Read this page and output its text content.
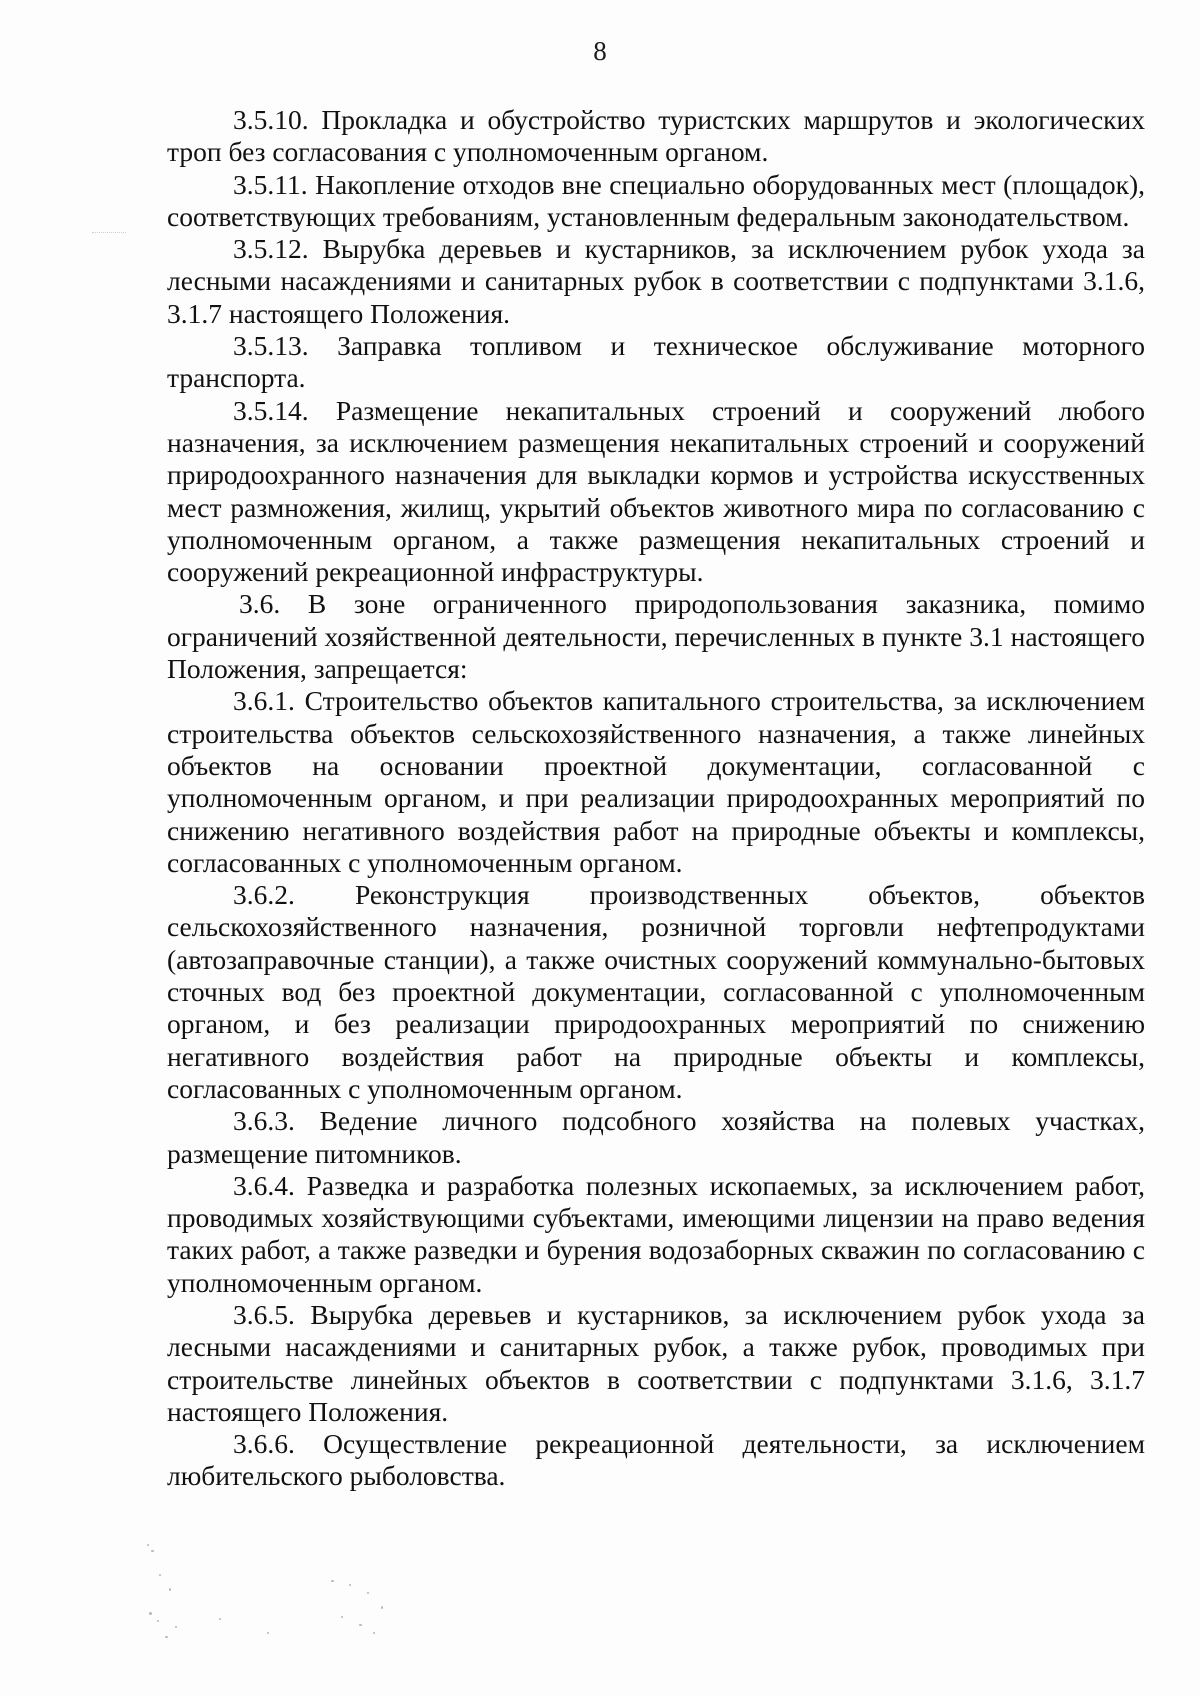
8

3.5.10. Прокладка и обустройство туристских маршрутов и экологических троп без согласования с уполномоченным органом.

3.5.11. Накопление отходов вне специально оборудованных мест (площадок), соответствующих требованиям, установленным федеральным законодательством.

3.5.12. Вырубка деревьев и кустарников, за исключением рубок ухода за лесными насаждениями и санитарных рубок в соответствии с подпунктами 3.1.6, 3.1.7 настоящего Положения.

3.5.13. Заправка топливом и техническое обслуживание моторного транспорта.

3.5.14. Размещение некапитальных строений и сооружений любого назначения, за исключением размещения некапитальных строений и сооружений природоохранного назначения для выкладки кормов и устройства искусственных мест размножения, жилищ, укрытий объектов животного мира по согласованию с уполномоченным органом, а также размещения некапитальных строений и сооружений рекреационной инфраструктуры.

3.6. В зоне ограниченного природопользования заказника, помимо ограничений хозяйственной деятельности, перечисленных в пункте 3.1 настоящего Положения, запрещается:

3.6.1. Строительство объектов капитального строительства, за исключением строительства объектов сельскохозяйственного назначения, а также линейных объектов на основании проектной документации, согласованной с уполномоченным органом, и при реализации природоохранных мероприятий по снижению негативного воздействия работ на природные объекты и комплексы, согласованных с уполномоченным органом.

3.6.2. Реконструкция производственных объектов, объектов сельскохозяйственного назначения, розничной торговли нефтепродуктами (автозаправочные станции), а также очистных сооружений коммунально-бытовых сточных вод без проектной документации, согласованной с уполномоченным органом, и без реализации природоохранных мероприятий по снижению негативного воздействия работ на природные объекты и комплексы, согласованных с уполномоченным органом.

3.6.3. Ведение личного подсобного хозяйства на полевых участках, размещение питомников.

3.6.4. Разведка и разработка полезных ископаемых, за исключением работ, проводимых хозяйствующими субъектами, имеющими лицензии на право ведения таких работ, а также разведки и бурения водозаборных скважин по согласованию с уполномоченным органом.

3.6.5. Вырубка деревьев и кустарников, за исключением рубок ухода за лесными насаждениями и санитарных рубок, а также рубок, проводимых при строительстве линейных объектов в соответствии с подпунктами 3.1.6, 3.1.7 настоящего Положения.

3.6.6. Осуществление рекреационной деятельности, за исключением любительского рыболовства.
